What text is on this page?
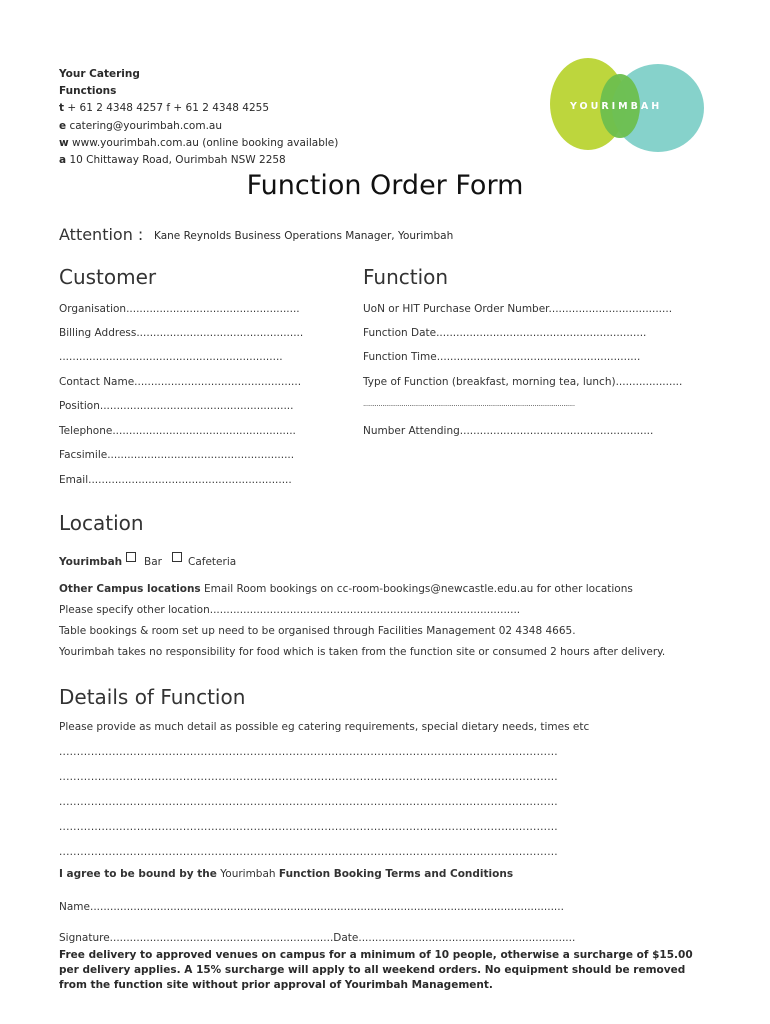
Your Catering
Functions
t + 61 2 4348 4257 f + 61 2 4348 4255
e catering@yourimbah.com.au
w www.yourimbah.com.au (online booking available)
a 10 Chittaway Road, Ourimbah NSW 2258
YOURIMBAH
Function Order Form
Attention : Kane Reynolds Business Operations Manager, Yourimbah
Customer
Organisation....................................................
Billing Address..................................................
...................................................................
Contact Name..................................................
Position..........................................................
Telephone.......................................................
Facsimile........................................................
Email.............................................................
Function
UoN or HIT Purchase Order Number.....................................
Function Date...............................................................
Function Time.............................................................
Type of Function (breakfast, morning tea, lunch)....................
..............................................................................................................
Number Attending..........................................................
Location
Yourimbah Bar Cafeteria
Other Campus locations Email Room bookings on cc-room-bookings@newcastle.edu.au for other locations
Please specify other location.............................................................................................
Table bookings & room set up need to be organised through Facilities Management 02 4348 4665.
Yourimbah takes no responsibility for food which is taken from the function site or consumed 2 hours after delivery.
Details of Function
Please provide as much detail as possible eg catering requirements, special dietary needs, times etc
.............................................................................................................................................
.............................................................................................................................................
.............................................................................................................................................
.............................................................................................................................................
.............................................................................................................................................
I agree to be bound by the Yourimbah Function Booking Terms and Conditions
Name..............................................................................................................................................
Signature...................................................................Date.................................................................
Free delivery to approved venues on campus for a minimum of 10 people, otherwise a surcharge of $15.00 per delivery applies. A 15% surcharge will apply to all weekend orders. No equipment should be removed from the function site without prior approval of Yourimbah Management.
